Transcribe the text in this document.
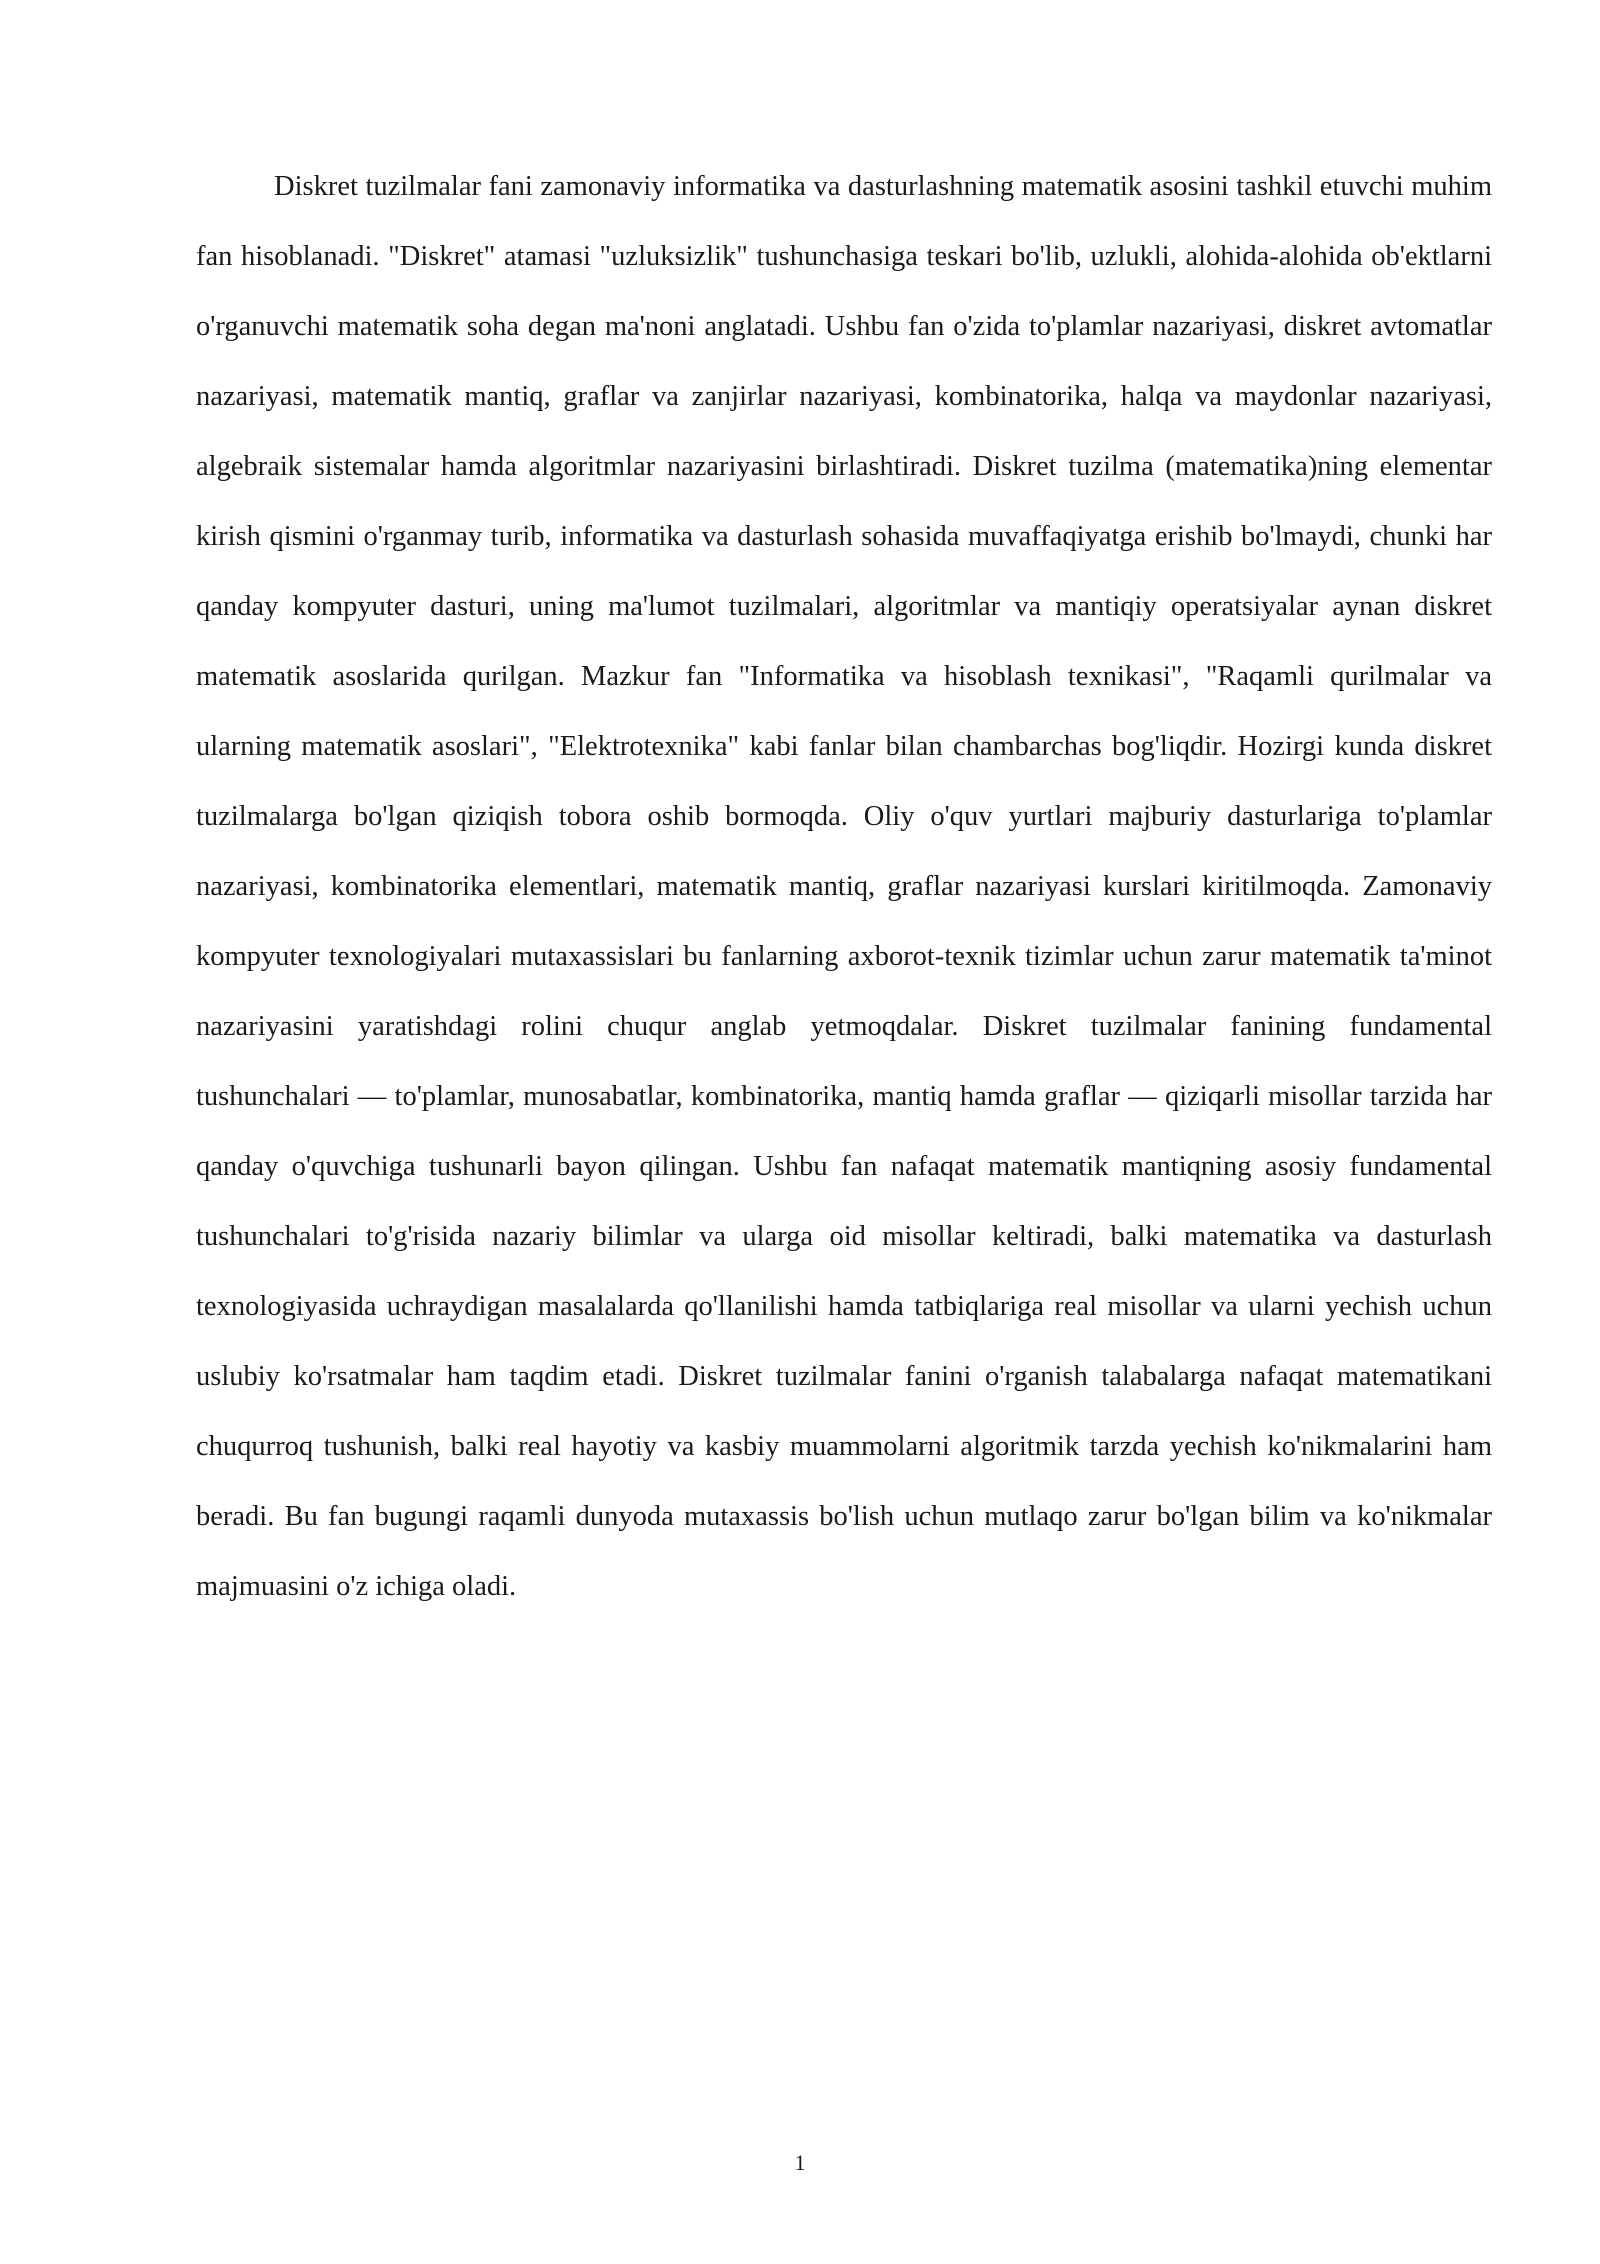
Diskret tuzilmalar fani zamonaviy informatika va dasturlashning matematik asosini tashkil etuvchi muhim fan hisoblanadi. "Diskret" atamasi "uzluksizlik" tushunchasiga teskari bo'lib, uzlukli, alohida-alohida ob'ektlarni o'rganuvchi matematik soha degan ma'noni anglatadi. Ushbu fan o'zida to'plamlar nazariyasi, diskret avtomatlar nazariyasi, matematik mantiq, graflar va zanjirlar nazariyasi, kombinatorika, halqa va maydonlar nazariyasi, algebraik sistemalar hamda algoritmlar nazariyasini birlashtiradi. Diskret tuzilma (matematika)ning elementar kirish qismini o'rganmay turib, informatika va dasturlash sohasida muvaffaqiyatga erishib bo'lmaydi, chunki har qanday kompyuter dasturi, uning ma'lumot tuzilmalari, algoritmlar va mantiqiy operatsiyalar aynan diskret matematik asoslarida qurilgan. Mazkur fan "Informatika va hisoblash texnikasi", "Raqamli qurilmalar va ularning matematik asoslari", "Elektrotexnika" kabi fanlar bilan chambarchas bog'liqdir. Hozirgi kunda diskret tuzilmalarga bo'lgan qiziqish tobora oshib bormoqda. Oliy o'quv yurtlari majburiy dasturlariga to'plamlar nazariyasi, kombinatorika elementlari, matematik mantiq, graflar nazariyasi kurslari kiritilmoqda. Zamonaviy kompyuter texnologiyalari mutaxassislari bu fanlarning axborot-texnik tizimlar uchun zarur matematik ta'minot nazariyasini yaratishdagi rolini chuqur anglab yetmoqdalar. Diskret tuzilmalar fanining fundamental tushunchalari — to'plamlar, munosabatlar, kombinatorika, mantiq hamda graflar — qiziqarli misollar tarzida har qanday o'quvchiga tushunarli bayon qilingan. Ushbu fan nafaqat matematik mantiqning asosiy fundamental tushunchalari to'g'risida nazariy bilimlar va ularga oid misollar keltiradi, balki matematika va dasturlash texnologiyasida uchraydigan masalalarda qo'llanilishi hamda tatbiqlariga real misollar va ularni yechish uchun uslubiy ko'rsatmalar ham taqdim etadi. Diskret tuzilmalar fanini o'rganish talabalarga nafaqat matematikani chuqurroq tushunish, balki real hayotiy va kasbiy muammolarni algoritmik tarzda yechish ko'nikmalarini ham beradi. Bu fan bugungi raqamli dunyoda mutaxassis bo'lish uchun mutlaqo zarur bo'lgan bilim va ko'nikmalar majmuasini o'z ichiga oladi.

1
